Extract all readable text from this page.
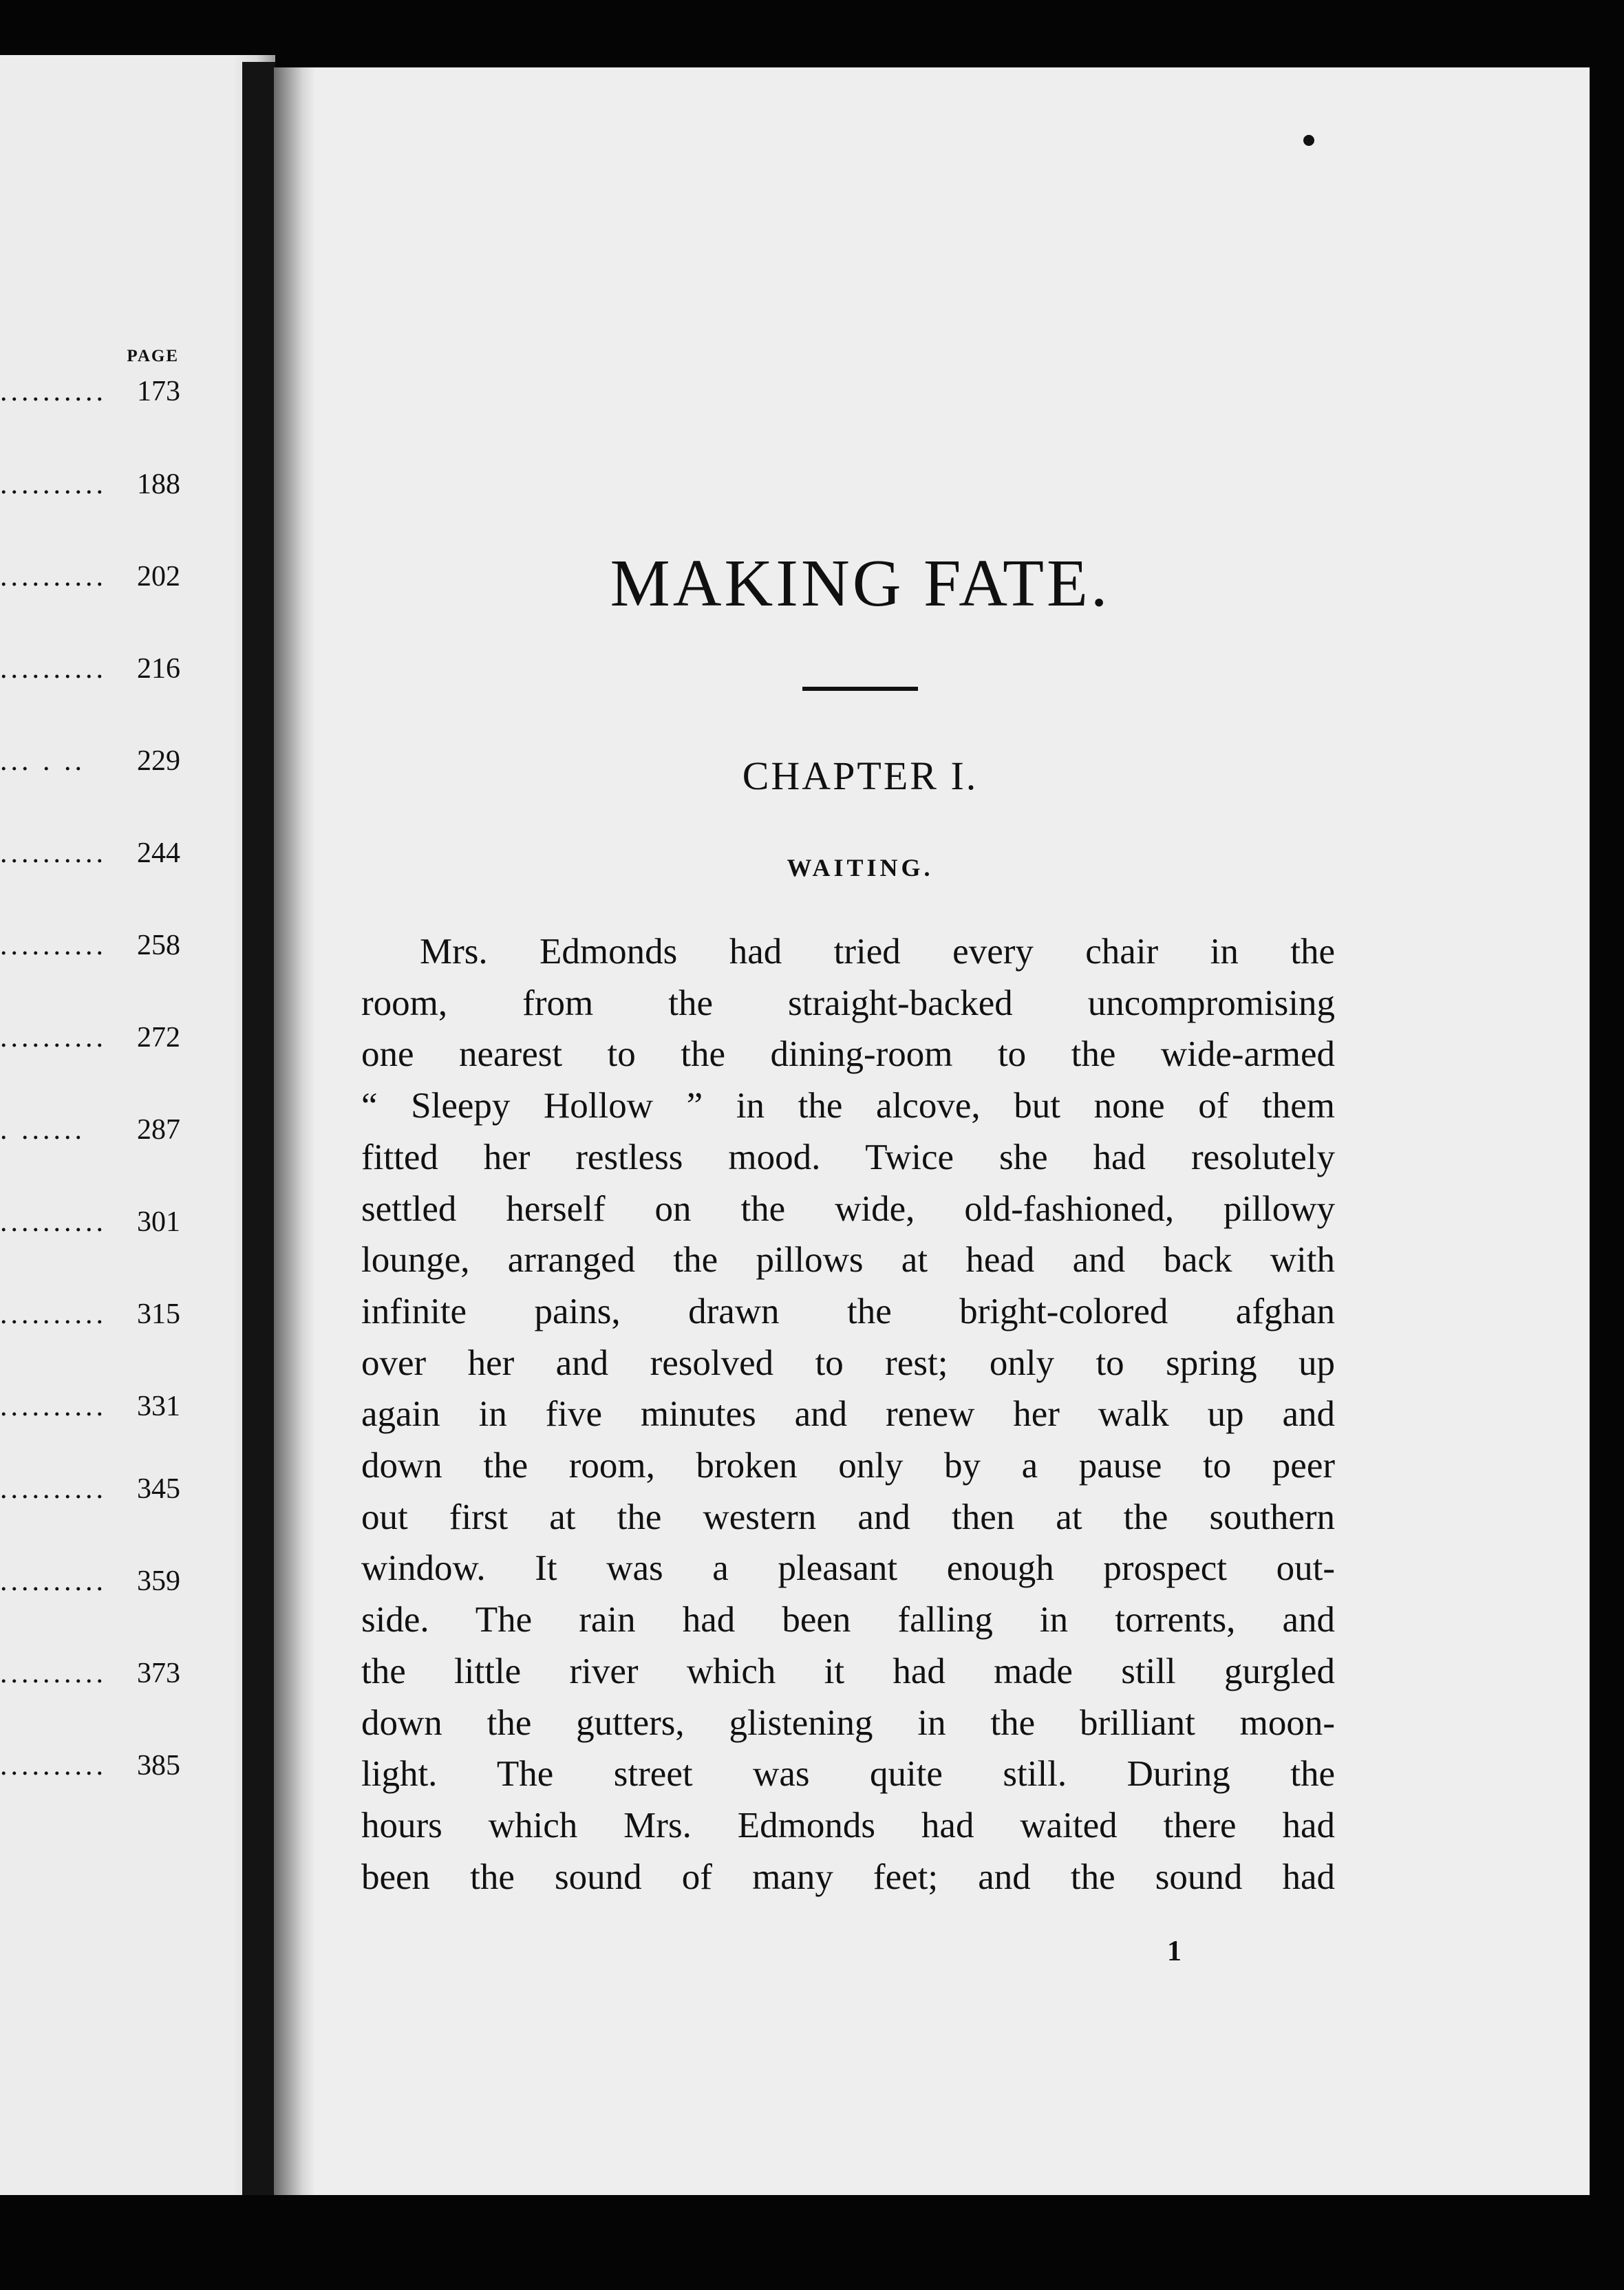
PAGE
.......... 173
.......... 188
.......... 202
.......... 216
... . ..	229
.......... 244
.......... 258
.......... 272
. ......	287
.......... 301
.......... 315
.......... 331
.......... 345
.......... 359
.......... 373
.......... 385
MAKING FATE.
CHAPTER I.
WAITING.
Mrs. Edmonds had tried every chair in the
room, from the straight-backed uncompromising
one nearest to the dining-room to the wide-armed
“ Sleepy Hollow ” in the alcove, but none of them
fitted her restless mood. Twice she had resolutely
settled herself on the wide, old-fashioned, pillowy
lounge, arranged the pillows at head and back with
infinite pains, drawn the bright-colored afghan
over her and resolved to rest; only to spring up
again in five minutes and renew her walk up and
down the room, broken only by a pause to peer
out first at the western and then at the southern
window. It was a pleasant enough prospect out-
side. The rain had been falling in torrents, and
the little river which it had made still gurgled
down the gutters, glistening in the brilliant moon-
light. The street was quite still. During the
hours which Mrs. Edmonds had waited there had
been the sound of many feet; and the sound had
1
